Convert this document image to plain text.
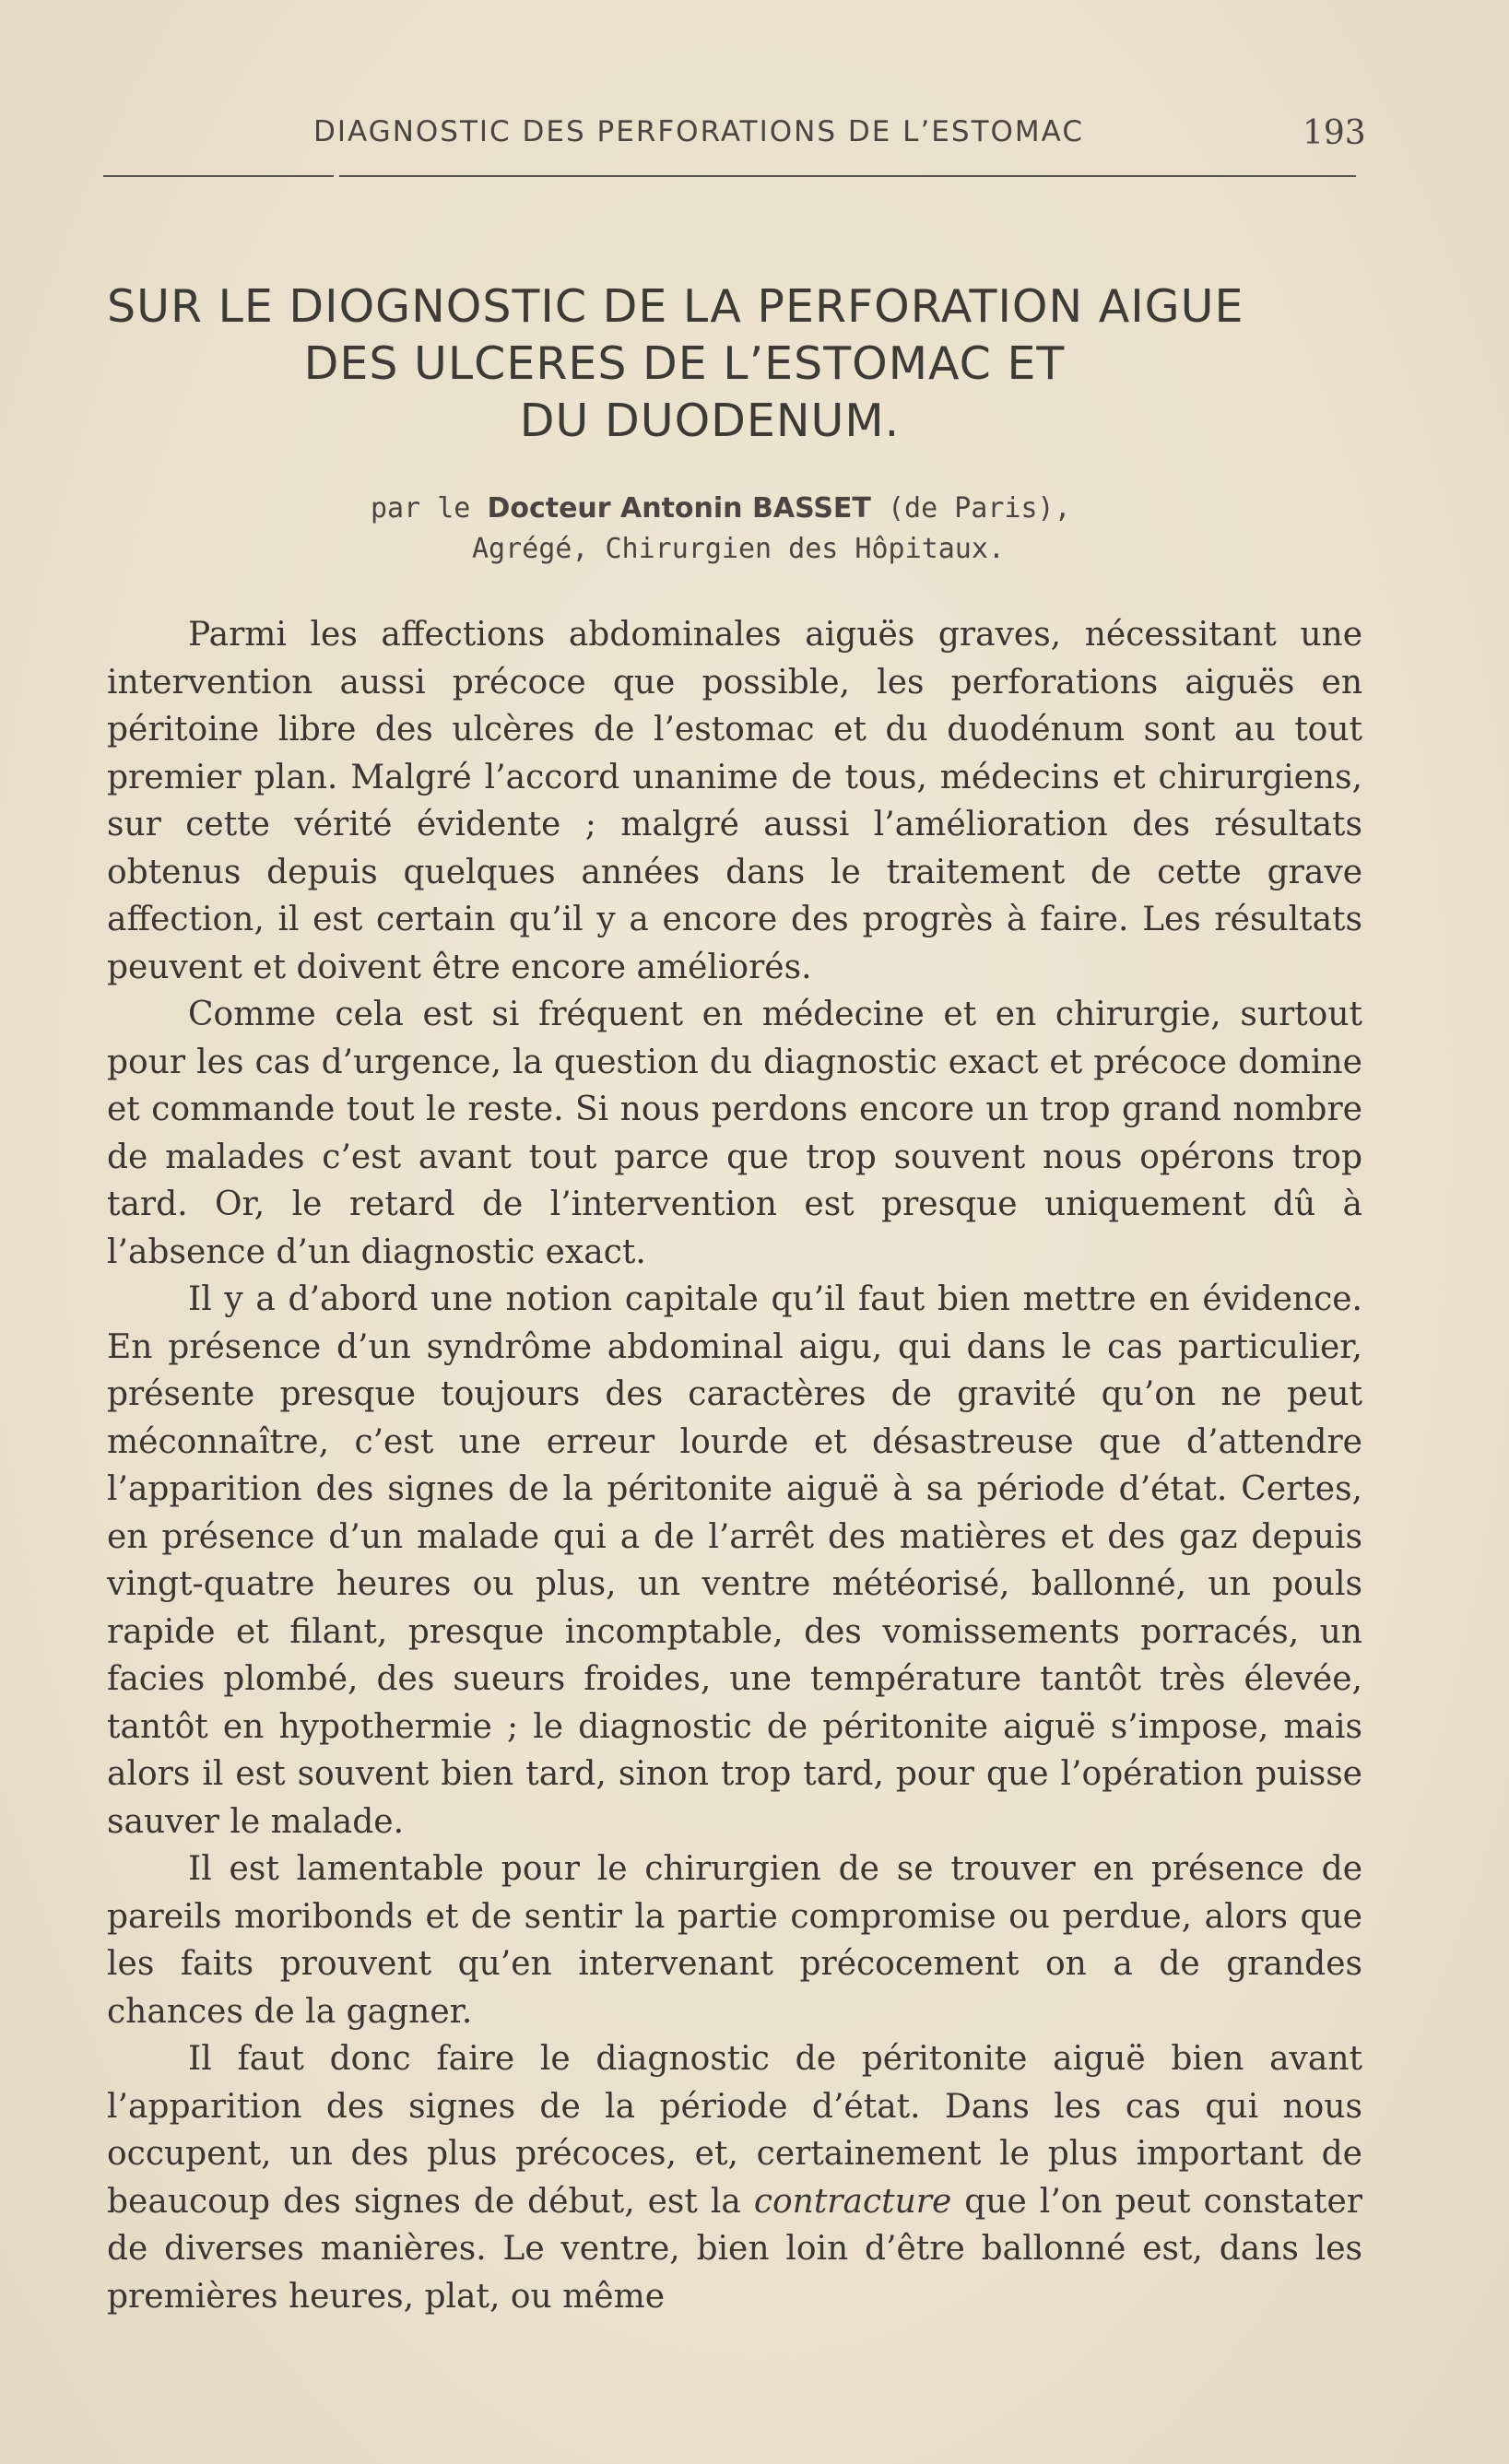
DIAGNOSTIC DES PERFORATIONS DE L’ESTOMAC	193
SUR LE DIOGNOSTIC DE LA PERFORATION AIGUE
DES ULCERES DE L’ESTOMAC ET
DU DUODENUM.
par le Docteur Antonin BASSET (de Paris),
Agrégé, Chirurgien des Hôpitaux.

Parmi les affections abdominales aiguës graves, nécessitant une intervention aussi précoce que possible, les perforations aiguës en péritoine libre des ulcères de l’estomac et du duodénum sont au tout premier plan. Malgré l’accord unanime de tous, médecins et chirurgiens, sur cette vérité évidente ; malgré aussi l’amélioration des résultats obtenus depuis quelques années dans le traitement de cette grave affection, il est certain qu’il y a encore des progrès à faire. Les résultats peuvent et doivent être encore améliorés.

Comme cela est si fréquent en médecine et en chirurgie, surtout pour les cas d’urgence, la question du diagnostic exact et précoce domine et commande tout le reste. Si nous perdons encore un trop grand nombre de malades c’est avant tout parce que trop souvent nous opérons trop tard. Or, le retard de l’intervention est presque uniquement dû à l’absence d’un diagnostic exact.

Il y a d’abord une notion capitale qu’il faut bien mettre en évidence. En présence d’un syndrôme abdominal aigu, qui dans le cas particulier, présente presque toujours des caractères de gravité qu’on ne peut méconnaître, c’est une erreur lourde et désastreuse que d’attendre l’apparition des signes de la péritonite aiguë à sa période d’état. Certes, en présence d’un malade qui a de l’arrêt des matières et des gaz depuis vingt-quatre heures ou plus, un ventre météorisé, ballonné, un pouls rapide et filant, presque incomptable, des vomissements porracés, un facies plombé, des sueurs froides, une température tantôt très élevée, tantôt en hypothermie ; le diagnostic de péritonite aiguë s’impose, mais alors il est souvent bien tard, sinon trop tard, pour que l’opération puisse sauver le malade.

Il est lamentable pour le chirurgien de se trouver en présence de pareils moribonds et de sentir la partie compromise ou perdue, alors que les faits prouvent qu’en intervenant précocement on a de grandes chances de la gagner.

Il faut donc faire le diagnostic de péritonite aiguë bien avant l’apparition des signes de la période d’état. Dans les cas qui nous occupent, un des plus précoces, et, certainement le plus important de beaucoup des signes de début, est la contracture que l’on peut constater de diverses manières. Le ventre, bien loin d’être ballonné est, dans les premières heures, plat, ou même
